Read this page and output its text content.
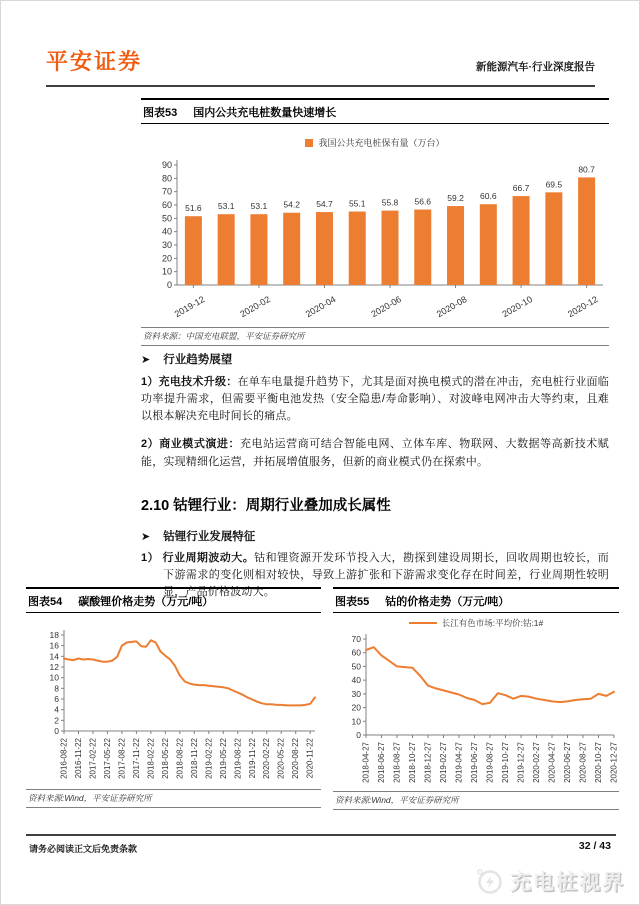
平安证券	新能源汽车·行业深度报告
图表53 国内公共充电桩数量快速增长
我国公共充电桩保有量（万台）
0
10
20
30
40
50
60
70
80
90
51.6
2019-12
53.1 53.1
2020-02
54.2 54.7
2020-04
55.1 55.8
2020-06
56.6 59.2
2020-08
60.6
66.7
2020-10
69.5
80.7
2020-12
资料来源：中国充电联盟，平安证券研究所
➤ 行业趋势展望
1）充电技术升级：在单车电量提升趋势下，尤其是面对换电模式的潜在冲击，充电桩行业面临功率提升需求，但需要平衡电池发热（安全隐患/寿命影响）、对波峰电网冲击大等约束，且难以根本解决充电时间长的痛点。
2）商业模式演进：充电站运营商可结合智能电网、立体车库、物联网、大数据等高新技术赋能，实现精细化运营，并拓展增值服务，但新的商业模式仍在探索中。
2.10 钴锂行业：周期行业叠加成长属性
➤ 钴锂行业发展特征
1） 行业周期波动大。钴和锂资源开发环节投入大，勘探到建设周期长，回收周期也较长，而下游需求的变化则相对较快，导致上游扩张和下游需求变化存在时间差，行业周期性较明显，产品价格波动大。
图表54 碳酸锂价格走势（万元/吨）
0
2
4
6
8
10
12
14
16
18
2016-08-22 2016-11-22 2017-02-22 2017-05-22 2017-08-22 2017-11-22 2018-02-22 2018-05-22 2018-08-22 2018-11-22 2019-02-22 2019-05-22 2019-08-22 2019-11-22 2020-02-22 2020-05-22 2020-08-22 2020-11-22
资料来源:Wind，平安证券研究所
图表55 钴的价格走势（万元/吨）
长江有色市场:平均价:钴:1#
0
10
20
30
40
50
60
70
2018-04-27 2018-06-27 2018-08-27 2018-10-27 2018-12-27 2019-02-27 2019-04-27 2019-06-27 2019-08-27 2019-10-27 2019-12-27 2020-02-27 2020-04-27 2020-06-27 2020-08-27 2020-10-27 2020-12-27
资料来源:Wind，平安证券研究所
请务必阅读正文后免责条款	32 / 43
充电桩视界
